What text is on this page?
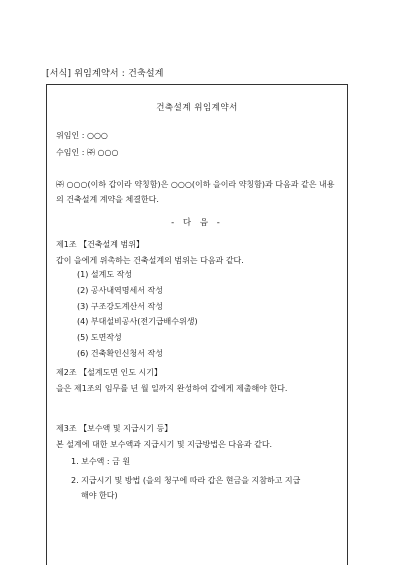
[서식] 위임계약서 : 건축설계
건축설계 위임계약서
위임인 : ○○○
수임인 : ㈜ ○○○
㈜ ○○○(이하 갑이라 약칭함)은 ○○○(이하 을이라 약칭함)과 다음과 같은 내용의 건축설계 계약을 체결한다.
- 다 음 -
제1조 【건축설계 범위】
갑이 을에게 위촉하는 건축설계의 범위는 다음과 같다.
(1) 설계도 작성
(2) 공사내역명세서 작성
(3) 구조강도계산서 작성
(4) 부대설비공사(전기급배수위생)
(5) 도면작성
(6) 건축확인신청서 작성
제2조 【설계도면 인도 시기】
을은 제1조의 임무를 년 월 일까지 완성하여 갑에게 제출해야 한다.
제3조 【보수액 및 지급시기 등】
본 설계에 대한 보수액과 지급시기 및 지급방법은 다음과 같다.
1. 보수액 : 금 원
2. 지급시기 및 방법 (을의 청구에 따라 갑은 현금을 지참하고 지급
해야 한다)
